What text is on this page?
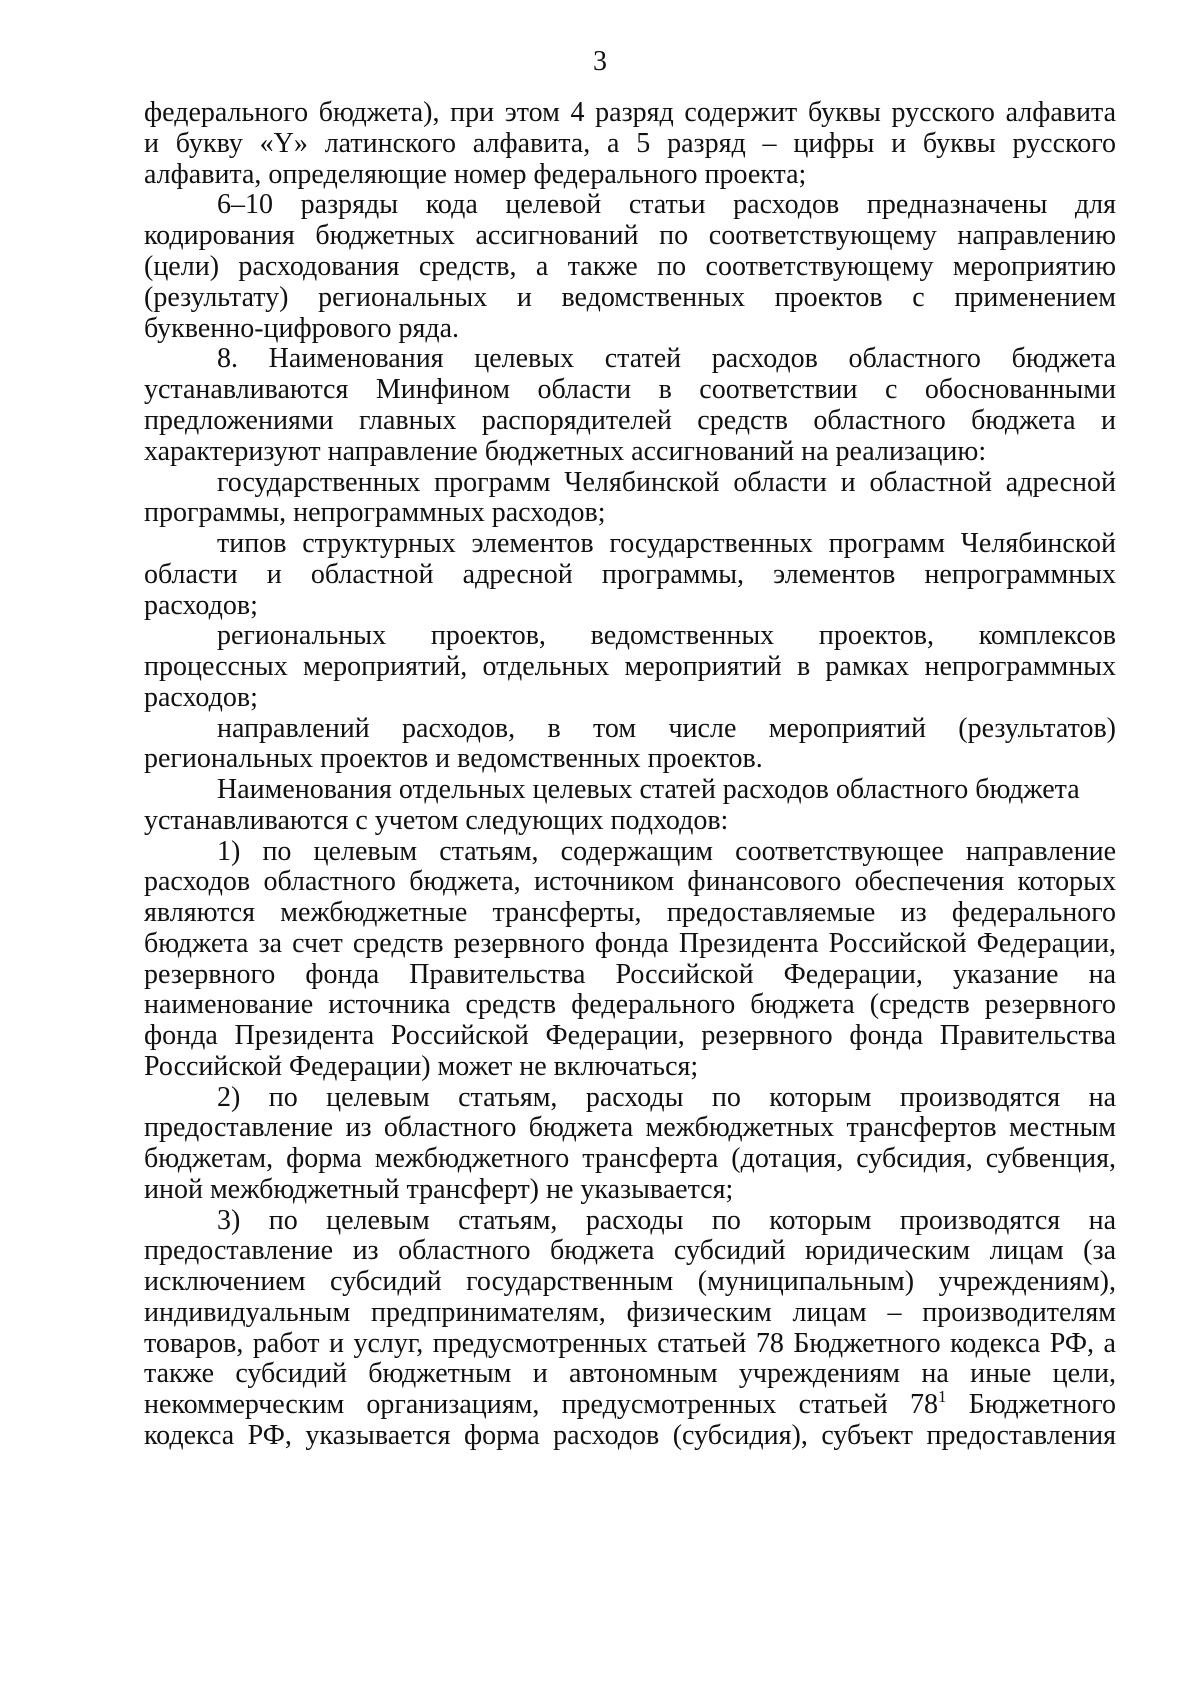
3
федерального бюджета), при этом 4 разряд содержит буквы русского алфавита
и букву «Y» латинского алфавита, а 5 разряд – цифры и буквы русского
алфавита, определяющие номер федерального проекта;
6–10 разряды кода целевой статьи расходов предназначены для
кодирования бюджетных ассигнований по соответствующему направлению
(цели) расходования средств, а также по соответствующему мероприятию
(результату) региональных и ведомственных проектов с применением
буквенно-цифрового ряда.
8. Наименования целевых статей расходов областного бюджета
устанавливаются Минфином области в соответствии с обоснованными
предложениями главных распорядителей средств областного бюджета и
характеризуют направление бюджетных ассигнований на реализацию:
государственных программ Челябинской области и областной адресной
программы, непрограммных расходов;
типов структурных элементов государственных программ Челябинской
области и областной адресной программы, элементов непрограммных
расходов;
региональных проектов, ведомственных проектов, комплексов
процессных мероприятий, отдельных мероприятий в рамках непрограммных
расходов;
направлений расходов, в том числе мероприятий (результатов)
региональных проектов и ведомственных проектов.
Наименования отдельных целевых статей расходов областного бюджета
устанавливаются с учетом следующих подходов:
1) по целевым статьям, содержащим соответствующее направление
расходов областного бюджета, источником финансового обеспечения которых
являются межбюджетные трансферты, предоставляемые из федерального
бюджета за счет средств резервного фонда Президента Российской Федерации,
резервного фонда Правительства Российской Федерации, указание на
наименование источника средств федерального бюджета (средств резервного
фонда Президента Российской Федерации, резервного фонда Правительства
Российской Федерации) может не включаться;
2) по целевым статьям, расходы по которым производятся на
предоставление из областного бюджета межбюджетных трансфертов местным
бюджетам, форма межбюджетного трансферта (дотация, субсидия, субвенция,
иной межбюджетный трансферт) не указывается;
3) по целевым статьям, расходы по которым производятся на
предоставление из областного бюджета субсидий юридическим лицам (за
исключением субсидий государственным (муниципальным) учреждениям),
индивидуальным предпринимателям, физическим лицам – производителям
товаров, работ и услуг, предусмотренных статьей 78 Бюджетного кодекса РФ, а
также субсидий бюджетным и автономным учреждениям на иные цели,
некоммерческим организациям, предусмотренных статьей $78^1$ Бюджетного
кодекса РФ, указывается форма расходов (субсидия), субъект предоставления
